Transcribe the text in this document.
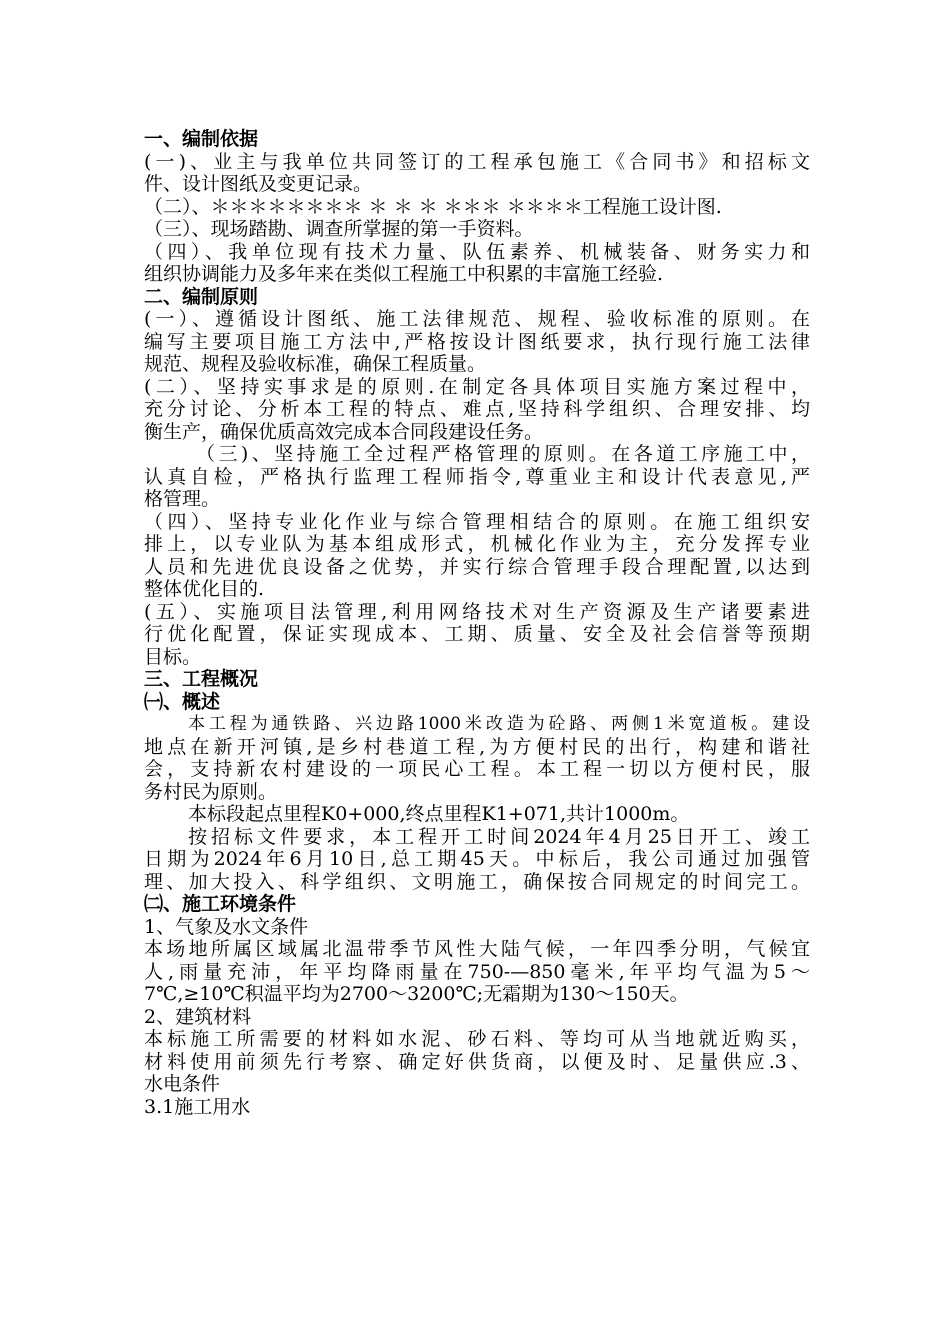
一、编制依据
(一)、业主与我单位共同签订的工程承包施工《合同书》和招标文
件、设计图纸及变更记录。
（二）、＊＊＊＊＊＊＊＊ ＊ ＊ ＊ ＊＊＊ ＊＊＊＊工程施工设计图.
（三）、现场踏勘、调查所掌握的第一手资料。
（四）、我单位现有技术力量、队伍素养、机械装备、财务实力和
组织协调能力及多年来在类似工程施工中积累的丰富施工经验.
二、编制原则
(一）、遵循设计图纸、施工法律规范、规程、验收标准的原则。在
编写主要项目施工方法中,严格按设计图纸要求，执行现行施工法律
规范、规程及验收标准，确保工程质量。
(二）、坚持实事求是的原则.在制定各具体项目实施方案过程中，
充分讨论、分析本工程的特点、难点,坚持科学组织、合理安排、均
衡生产，确保优质高效完成本合同段建设任务。
（三)、坚持施工全过程严格管理的原则。在各道工序施工中，
认真自检，严格执行监理工程师指令,尊重业主和设计代表意见,严
格管理。
（四）、坚持专业化作业与综合管理相结合的原则。在施工组织安
排上，以专业队为基本组成形式，机械化作业为主，充分发挥专业
人员和先进优良设备之优势，并实行综合管理手段合理配置,以达到
整体优化目的.
(五）、实施项目法管理,利用网络技术对生产资源及生产诸要素进
行优化配置，保证实现成本、工期、质量、安全及社会信誉等预期
目标。
三、工程概况
㈠、概述
本工程为通铁路、兴边路1000米改造为砼路、两侧1米宽道板。建设
地点在新开河镇,是乡村巷道工程,为方便村民的出行，构建和谐社
会，支持新农村建设的一项民心工程。本工程一切以方便村民，服
务村民为原则。
本标段起点里程K0+000,终点里程K1+071,共计1000m。
按招标文件要求，本工程开工时间2024年4月25日开工、竣工
日期为2024年6月10日,总工期45天。中标后，我公司通过加强管
理、加大投入、科学组织、文明施工，确保按合同规定的时间完工。
㈡、施工环境条件
1、气象及水文条件
本场地所属区域属北温带季节风性大陆气候，一年四季分明，气候宜
人,雨量充沛，年平均降雨量在750-—850毫米,年平均气温为5～
7℃,≥10℃积温平均为2700～3200℃;无霜期为130～150天。
2、建筑材料
本标施工所需要的材料如水泥、砂石料、等均可从当地就近购买，
材料使用前须先行考察、确定好供货商，以便及时、足量供应.3、
水电条件
3.1施工用水
